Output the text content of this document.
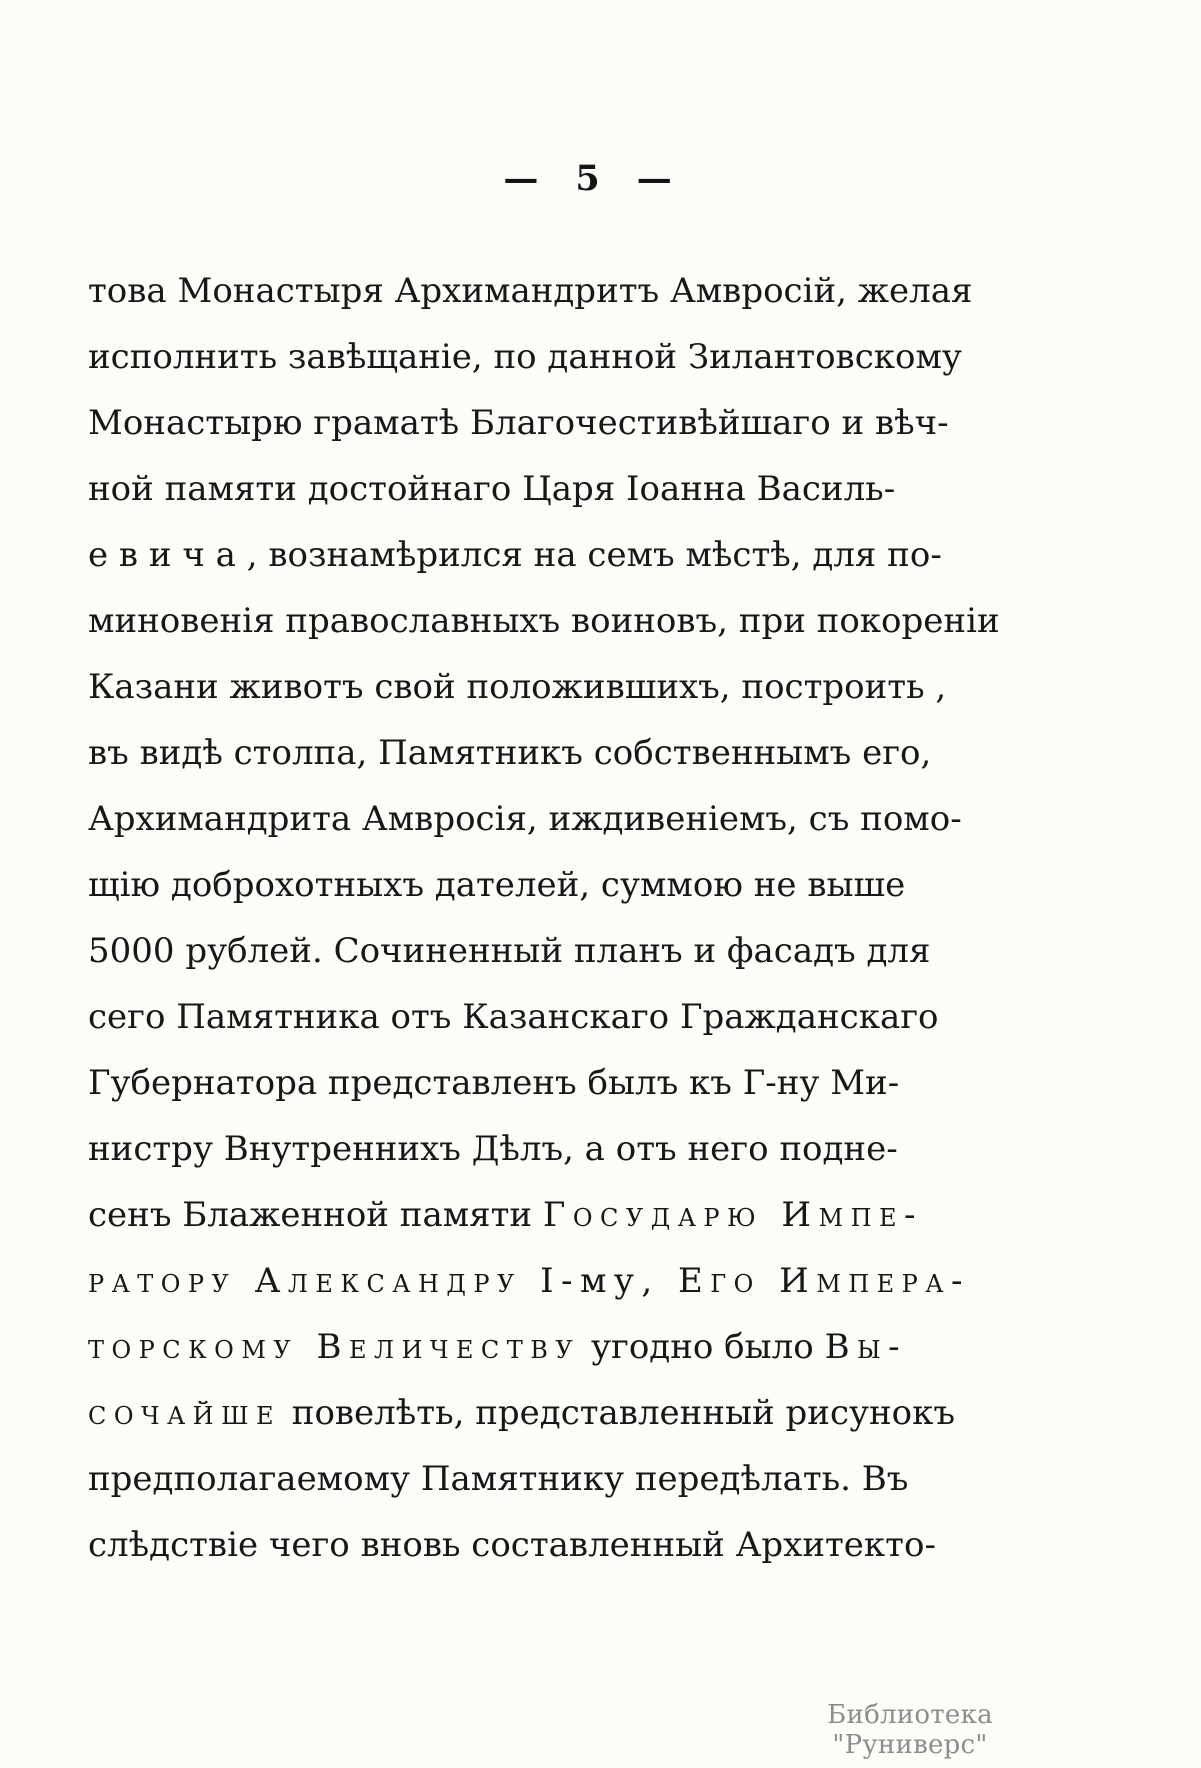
— 5 —
това Монастыря Архимандритъ Амвросій, желая
исполнить завѣщаніе, по данной Зилантовскому
Монастырю граматѣ Благочестивѣйшаго и вѣч-
ной памяти достойнаго Царя Іоанна Василь-
е в и ч а , вознамѣрился на семъ мѣстѣ, для по-
миновенія православныхъ воиновъ, при покореніи
Казани животъ свой положившихъ, построить ,
въ видѣ столпа, Памятникъ собственнымъ его,
Архимандрита Амвросія, иждивеніемъ, съ помо-
щію доброхотныхъ дателей, суммою не выше
5000 рублей. Сочиненный планъ и фасадъ для
сего Памятника отъ Казанскаго Гражданскаго
Губернатора представленъ былъ къ Г-ну Ми-
нистру Внутреннихъ Дѣлъ, а отъ него подне-
сенъ Блаженной памяти Государю Импе-
ратору Александру I-му, Его Импера-
торскому Величеству угодно было Вы-
сочайше повелѣть, представленный рисунокъ
предполагаемому Памятнику передѣлать. Въ
слѣдствіе чего вновь составленный Архитекто-
Библиотека "Руниверс"
